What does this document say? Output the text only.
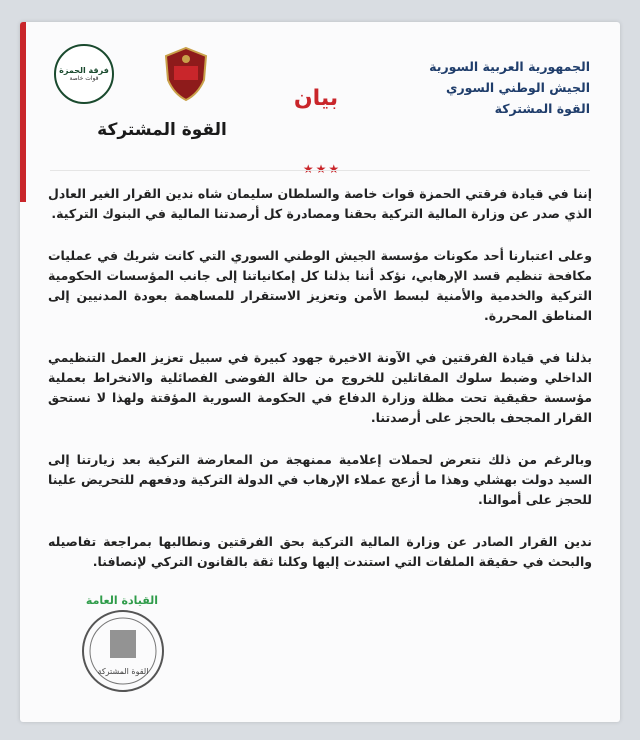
فرقة الحمزة
قوات خاصة
القوة المشتركة
بيان
الجمهورية العربية السورية
الجيش الوطني السوري
القوة المشتركة
★★★

إننا في قيادة فرقتي الحمزة قوات خاصة والسلطان سليمان شاه ندين القرار الغير العادل الذي صدر عن وزارة المالية التركية بحقنا ومصادرة كل أرصدتنا المالية في البنوك التركية.

وعلى اعتبارنا أحد مكونات مؤسسة الجيش الوطني السوري التي كانت شريك في عمليات مكافحة تنظيم قسد الإرهابي، نؤكد أننا بذلنا كل إمكانياتنا إلى جانب المؤسسات الحكومية التركية والخدمية والأمنية لبسط الأمن وتعزيز الاستقرار للمساهمة بعودة المدنيين إلى المناطق المحررة.

بذلنا في قيادة الفرقتين في الآونة الاخيرة جهود كبيرة في سبيل تعزيز العمل التنظيمي الداخلي وضبط سلوك المقاتلين للخروج من حالة الفوضى الفصائلية والانخراط بعملية مؤسسة حقيقية تحت مظلة وزارة الدفاع في الحكومة السورية المؤقتة ولهذا لا نستحق القرار المجحف بالحجز على أرصدتنا.

وبالرغم من ذلك نتعرض لحملات إعلامية ممنهجة من المعارضة التركية بعد زيارتنا إلى السيد دولت بهشلي وهذا ما أزعج عملاء الإرهاب في الدولة التركية ودفعهم للتحريض علينا للحجز على أموالنا.

ندين القرار الصادر عن وزارة المالية التركية بحق الفرقتين ونطالبها بمراجعة تفاصيله والبحث في حقيقة الملفات التي استندت إليها وكلنا ثقة بالقانون التركي لإنصافنا.

القيادة العامة
القوة المشتركة
